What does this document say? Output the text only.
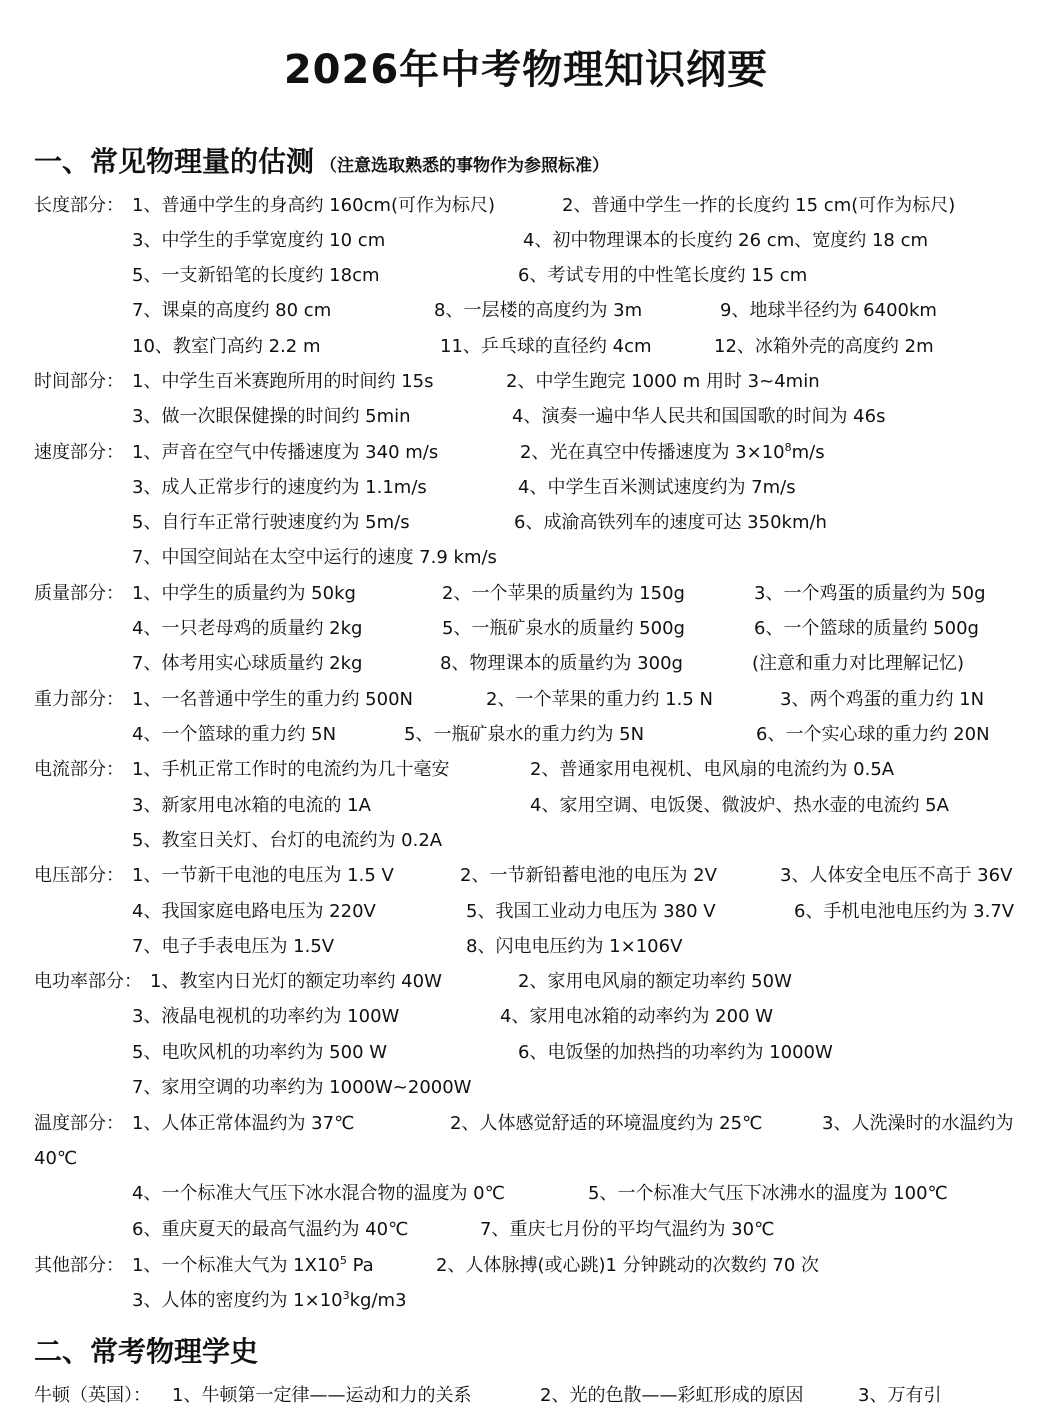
2026年中考物理知识纲要
一、常见物理量的估测 （注意选取熟悉的事物作为参照标准）
长度部分： 1、普通中学生的身高约 160cm(可作为标尺)	2、普通中学生一拃的长度约 15 cm(可作为标尺)
3、中学生的手掌宽度约 10 cm	4、初中物理课本的长度约 26 cm、宽度约 18 cm
5、一支新铅笔的长度约 18cm	6、考试专用的中性笔长度约 15 cm
7、课桌的高度约 80 cm	8、一层楼的高度约为 3m	9、地球半径约为 6400km
10、教室门高约 2.2 m	11、乒乓球的直径约 4cm	12、冰箱外壳的高度约 2m
时间部分： 1、中学生百米赛跑所用的时间约 15s	2、中学生跑完 1000 m 用时 3~4min
3、做一次眼保健操的时间约 5min	4、演奏一遍中华人民共和国国歌的时间为 46s
速度部分： 1、声音在空气中传播速度为 340 m/s	2、光在真空中传播速度为 $3\times 10^8m/s$
3、成人正常步行的速度约为 1.1m/s	4、中学生百米测试速度约为 7m/s
5、自行车正常行驶速度约为 5m/s	6、成渝高铁列车的速度可达 350km/h
7、中国空间站在太空中运行的速度 7.9 km/s
质量部分： 1、中学生的质量约为 50kg	2、一个苹果的质量约为 150g	3、一个鸡蛋的质量约为 50g
4、一只老母鸡的质量约 2kg	5、一瓶矿泉水的质量约 500g	6、一个篮球的质量约 500g
7、体考用实心球质量约 2kg	8、物理课本的质量约为 300g	(注意和重力对比理解记忆)
重力部分： 1、一名普通中学生的重力约 500N	2、一个苹果的重力约 1.5 N	3、两个鸡蛋的重力约 1N
4、一个篮球的重力约 5N	5、一瓶矿泉水的重力约为 5N	6、一个实心球的重力约 20N
电流部分： 1、手机正常工作时的电流约为几十毫安	2、普通家用电视机、电风扇的电流约为 0.5A
3、新家用电冰箱的电流的 1A	4、家用空调、电饭煲、微波炉、热水壶的电流约 5A
5、教室日关灯、台灯的电流约为 0.2A
电压部分： 1、一节新干电池的电压为 1.5 V	2、一节新铅蓄电池的电压为 2V	3、人体安全电压不高于 36V
4、我国家庭电路电压为 220V	5、我国工业动力电压为 380 V	6、手机电池电压约为 3.7V
7、电子手表电压为 1.5V	8、闪电电压约为 1×106V
电功率部分： 1、教室内日光灯的额定功率约 40W	2、家用电风扇的额定功率约 50W
3、液晶电视机的功率约为 100W	4、家用电冰箱的动率约为 200 W
5、电吹风机的功率约为 500 W	6、电饭堡的加热挡的功率约为 1000W
7、家用空调的功率约为 1000W~2000W
温度部分： 1、人体正常体温约为 37℃	2、人体感觉舒适的环境温度约为 25℃	3、人洗澡时的水温约为
40℃
4、一个标准大气压下冰水混合物的温度为 0℃	5、一个标准大气压下冰沸水的温度为 100℃
6、重庆夏天的最高气温约为 40℃	7、重庆七月份的平均气温约为 30℃
其他部分： 1、一个标准大气为 $1X10^5$ Pa	2、人体脉搏(或心跳)1 分钟跳动的次数约 70 次
3、人体的密度约为 $1\times 10^3kg/m3$
二、常考物理学史
牛顿（英国）： 1、牛顿第一定律——运动和力的关系	2、光的色散——彩虹形成的原因	3、万有引
